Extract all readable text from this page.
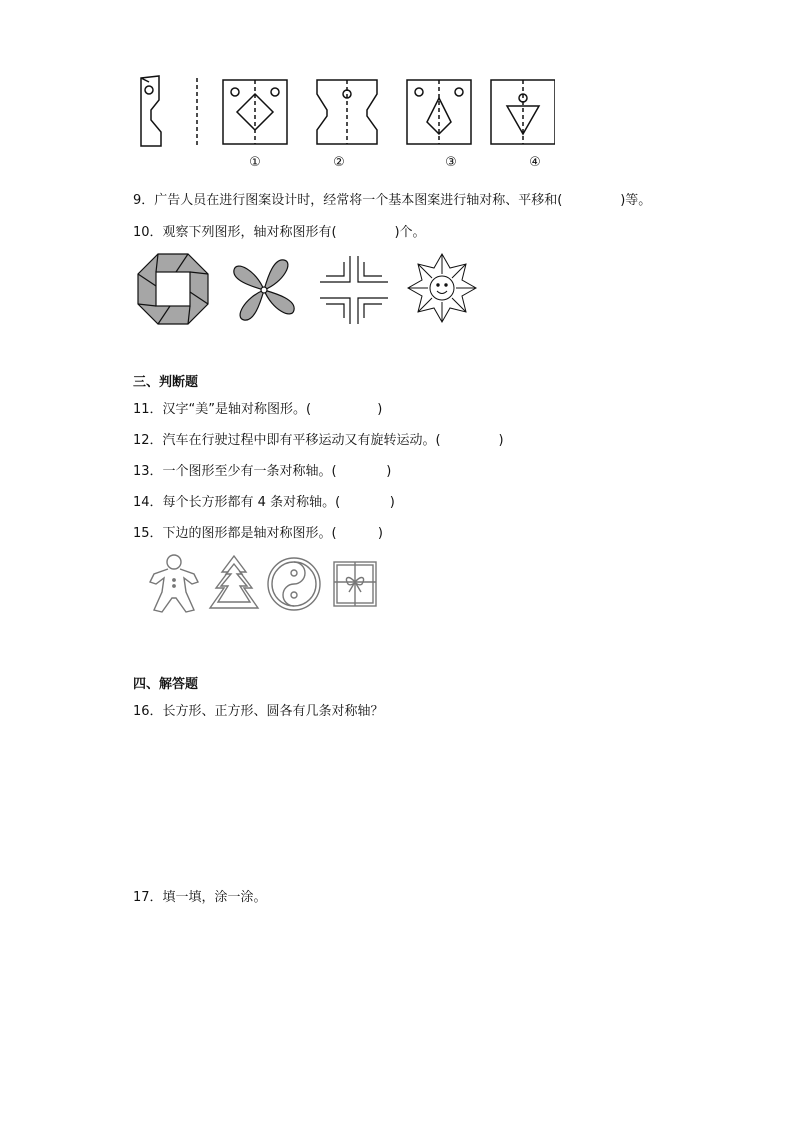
①	②	③	④
9．广告人员在进行图案设计时，经常将一个基本图案进行轴对称、平移和(              )等。
10．观察下列图形，轴对称图形有(              )个。
三、判断题
11．汉字“美”是轴对称图形。(                )
12．汽车在行驶过程中即有平移运动又有旋转运动。(              )
13．一个图形至少有一条对称轴。(            )
14．每个长方形都有 4 条对称轴。(            )
15．下边的图形都是轴对称图形。(          )
四、解答题
16．长方形、正方形、圆各有几条对称轴？
17．填一填，涂一涂。
